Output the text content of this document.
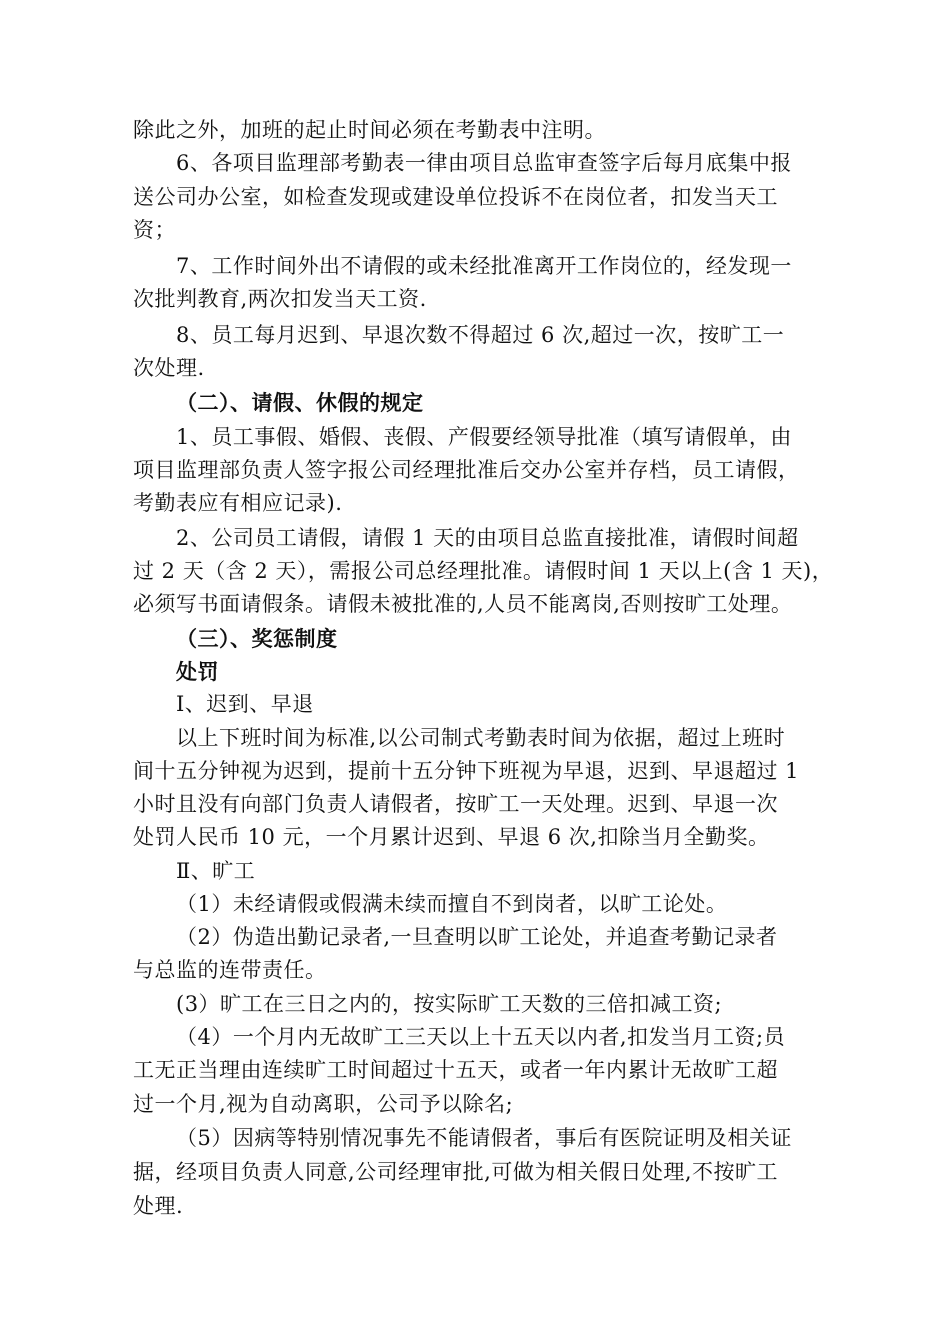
除此之外，加班的起止时间必须在考勤表中注明。
6、各项目监理部考勤表一律由项目总监审查签字后每月底集中报
送公司办公室，如检查发现或建设单位投诉不在岗位者，扣发当天工
资；
7、工作时间外出不请假的或未经批准离开工作岗位的，经发现一
次批判教育,两次扣发当天工资.
8、员工每月迟到、早退次数不得超过 6 次,超过一次，按旷工一
次处理.
（二）、请假、休假的规定
1、员工事假、婚假、丧假、产假要经领导批准（填写请假单，由
项目监理部负责人签字报公司经理批准后交办公室并存档，员工请假，
考勤表应有相应记录).
2、公司员工请假，请假 1 天的由项目总监直接批准，请假时间超
过 2 天（含 2 天），需报公司总经理批准。请假时间 1 天以上(含 1 天)，
必须写书面请假条。请假未被批准的,人员不能离岗,否则按旷工处理。
（三）、奖惩制度
处罚
Ⅰ、迟到、早退
以上下班时间为标准,以公司制式考勤表时间为依据，超过上班时
间十五分钟视为迟到，提前十五分钟下班视为早退，迟到、早退超过 1
小时且没有向部门负责人请假者，按旷工一天处理。迟到、早退一次
处罚人民币 10 元，一个月累计迟到、早退 6 次,扣除当月全勤奖。
Ⅱ、旷工
（1）未经请假或假满未续而擅自不到岗者，以旷工论处。
（2）伪造出勤记录者,一旦查明以旷工论处，并追查考勤记录者
与总监的连带责任。
(3）旷工在三日之内的，按实际旷工天数的三倍扣减工资;
（4）一个月内无故旷工三天以上十五天以内者,扣发当月工资;员
工无正当理由连续旷工时间超过十五天，或者一年内累计无故旷工超
过一个月,视为自动离职，公司予以除名;
（5）因病等特别情况事先不能请假者，事后有医院证明及相关证
据，经项目负责人同意,公司经理审批,可做为相关假日处理,不按旷工
处理.
